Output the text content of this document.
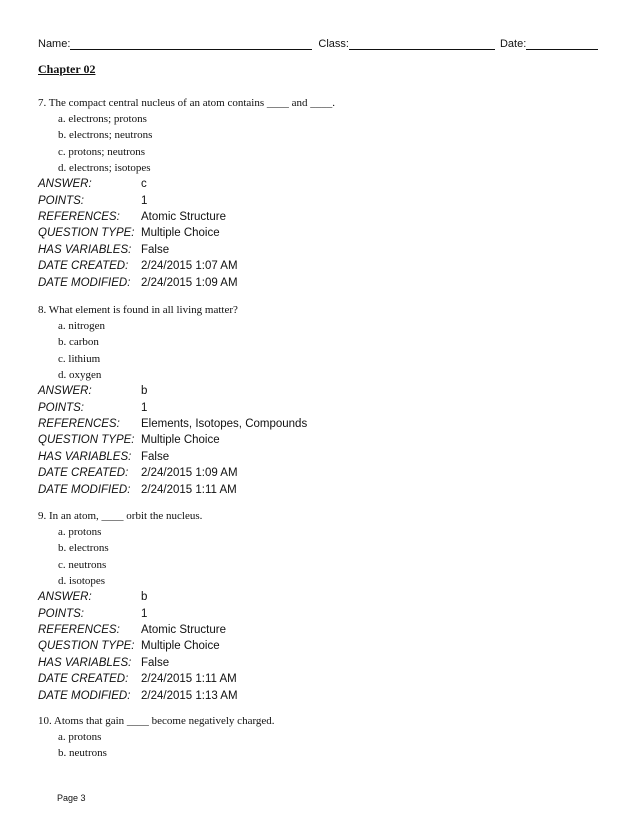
Name:	Class:	Date:
Chapter 02
7. The compact central nucleus of an atom contains ____ and ____.
a. electrons; protons
b. electrons; neutrons
c. protons; neutrons
d. electrons; isotopes
ANSWER:	c
POINTS:	1
REFERENCES:	Atomic Structure
QUESTION TYPE: Multiple Choice
HAS VARIABLES: False
DATE CREATED:	2/24/2015 1:07 AM
DATE MODIFIED: 2/24/2015 1:09 AM
8. What element is found in all living matter?
a. nitrogen
b. carbon
c. lithium
d. oxygen
ANSWER:	b
POINTS:	1
REFERENCES:	Elements, Isotopes, Compounds
QUESTION TYPE: Multiple Choice
HAS VARIABLES: False
DATE CREATED:	2/24/2015 1:09 AM
DATE MODIFIED: 2/24/2015 1:11 AM
9. In an atom, ____ orbit the nucleus.
a. protons
b. electrons
c. neutrons
d. isotopes
ANSWER:	b
POINTS:	1
REFERENCES:	Atomic Structure
QUESTION TYPE: Multiple Choice
HAS VARIABLES: False
DATE CREATED:	2/24/2015 1:11 AM
DATE MODIFIED: 2/24/2015 1:13 AM
10. Atoms that gain ____ become negatively charged.
a. protons
b. neutrons
Page 3
